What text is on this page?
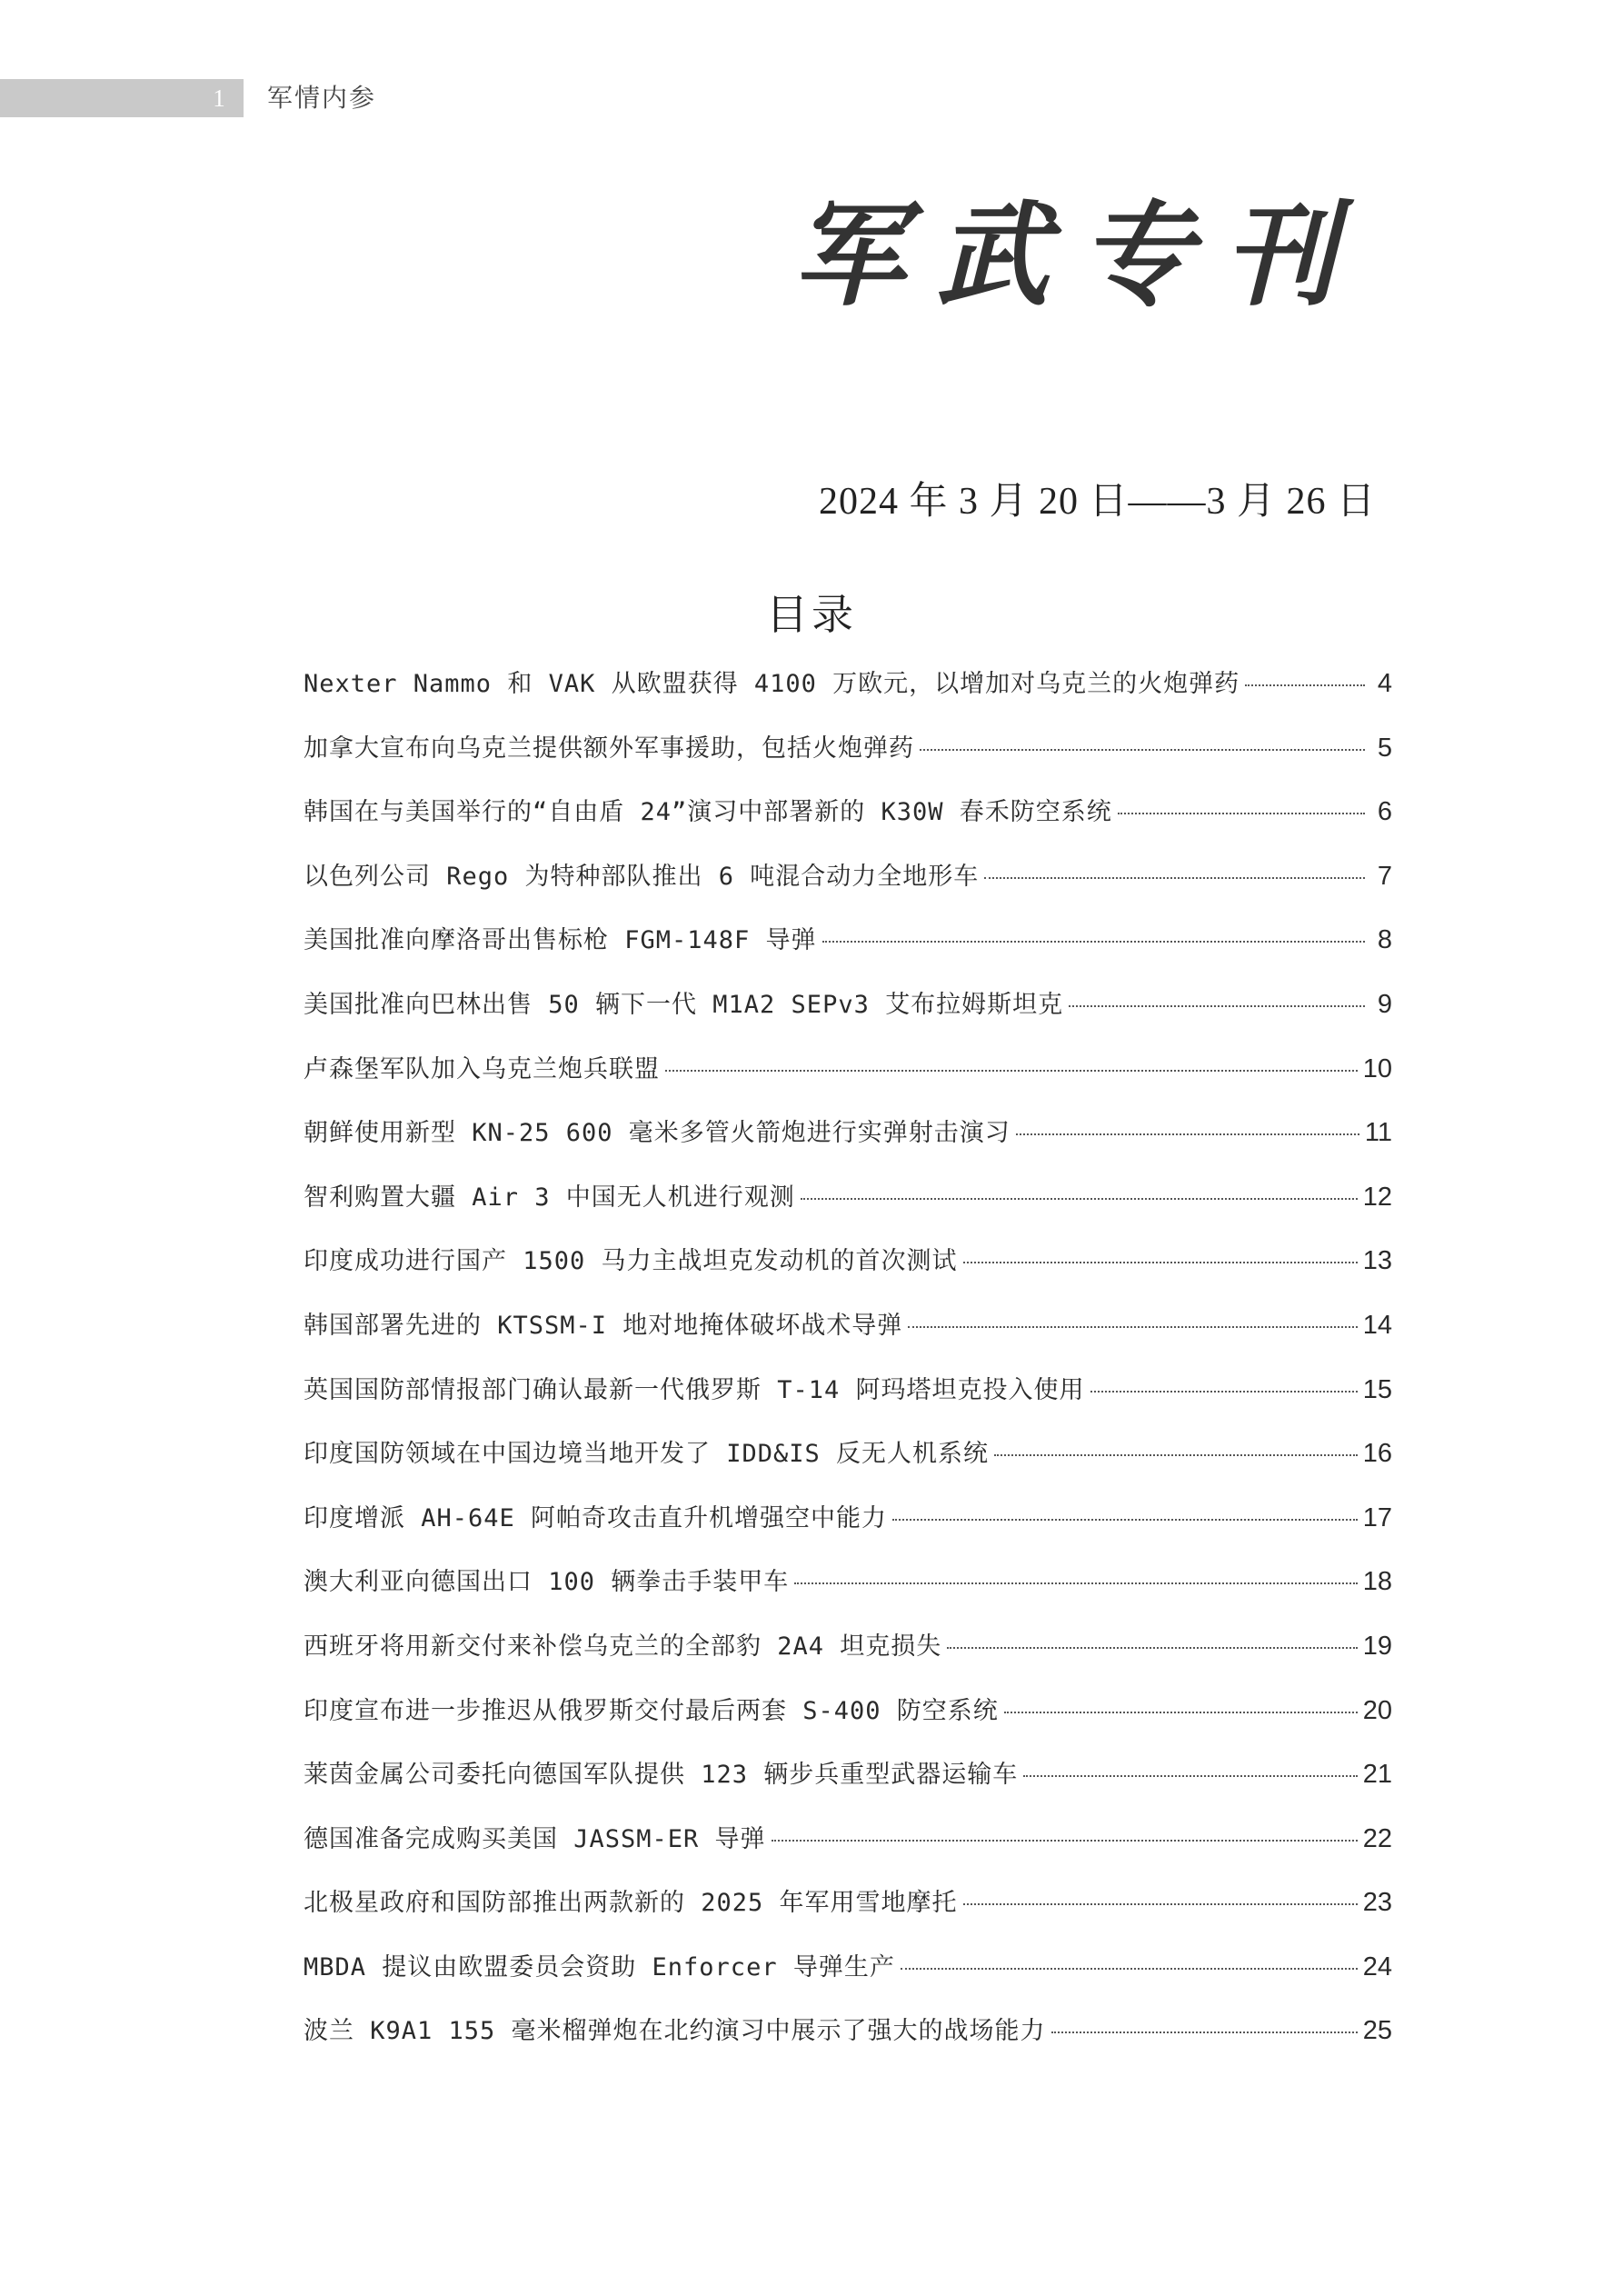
1	军情内参
军武专刊
2024 年 3 月 20 日——3 月 26 日
目录
Nexter Nammo 和 VAK 从欧盟获得 4100 万欧元，以增加对乌克兰的火炮弹药	4
加拿大宣布向乌克兰提供额外军事援助，包括火炮弹药	5
韩国在与美国举行的“自由盾 24”演习中部署新的 K30W 春禾防空系统	6
以色列公司 Rego 为特种部队推出 6 吨混合动力全地形车	7
美国批准向摩洛哥出售标枪 FGM-148F 导弹	8
美国批准向巴林出售 50 辆下一代 M1A2 SEPv3 艾布拉姆斯坦克	9
卢森堡军队加入乌克兰炮兵联盟	10
朝鲜使用新型 KN-25 600 毫米多管火箭炮进行实弹射击演习	11
智利购置大疆 Air 3 中国无人机进行观测	12
印度成功进行国产 1500 马力主战坦克发动机的首次测试	13
韩国部署先进的 KTSSM-I 地对地掩体破坏战术导弹	14
英国国防部情报部门确认最新一代俄罗斯 T-14 阿玛塔坦克投入使用	15
印度国防领域在中国边境当地开发了 IDD&IS 反无人机系统	16
印度增派 AH-64E 阿帕奇攻击直升机增强空中能力	17
澳大利亚向德国出口 100 辆拳击手装甲车	18
西班牙将用新交付来补偿乌克兰的全部豹 2A4 坦克损失	19
印度宣布进一步推迟从俄罗斯交付最后两套 S-400 防空系统	20
莱茵金属公司委托向德国军队提供 123 辆步兵重型武器运输车	21
德国准备完成购买美国 JASSM-ER 导弹	22
北极星政府和国防部推出两款新的 2025 年军用雪地摩托	23
MBDA 提议由欧盟委员会资助 Enforcer 导弹生产	24
波兰 K9A1 155 毫米榴弹炮在北约演习中展示了强大的战场能力	25
